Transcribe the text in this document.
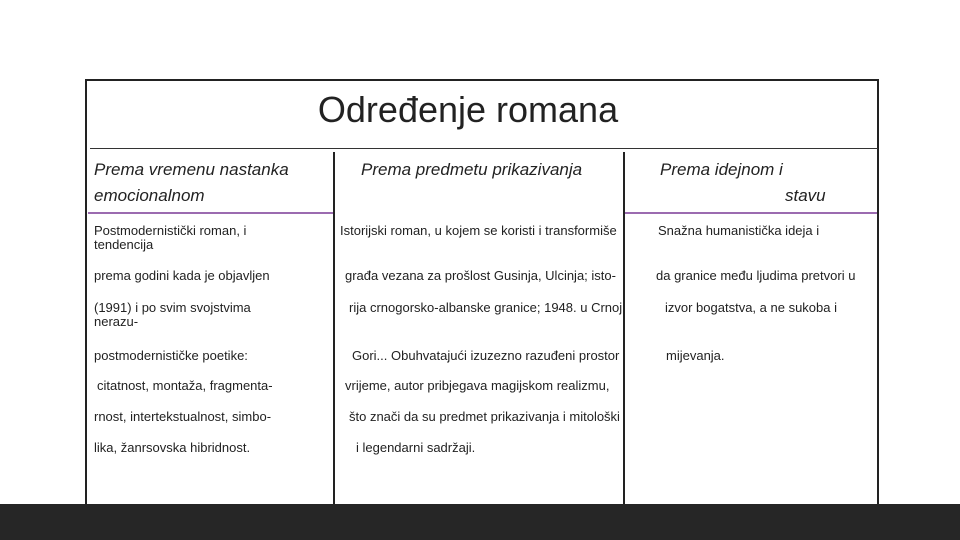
Određenje romana
Prema vremenu nastanka
emocionalnom
Prema predmetu prikazivanja	Prema idejnom i
stavu
Postmodernistički roman, i
tendencija
prema godini kada je objavljen
(1991) i po svim svojstvima
nerazu-
postmodernističke poetike:
citatnost, montaža, fragmenta-
rnost, intertekstualnost, simbo-
lika, žanrsovska hibridnost.
Istorijski roman, u kojem se koristi i transformiše
građa vezana za prošlost Gusinja, Ulcinja; isto-
rija crnogorsko-albanske granice; 1948. u Crnoj
Gori... Obuhvatajući izuzezno razuđeni prostor i
vrijeme, autor pribjegava magijskom realizmu,
što znači da su predmet prikazivanja i mitološki
i legendarni sadržaji.
Snažna humanistička ideja i
da granice među ljudima pretvori u
izvor bogatstva, a ne sukoba i
mijevanja.
